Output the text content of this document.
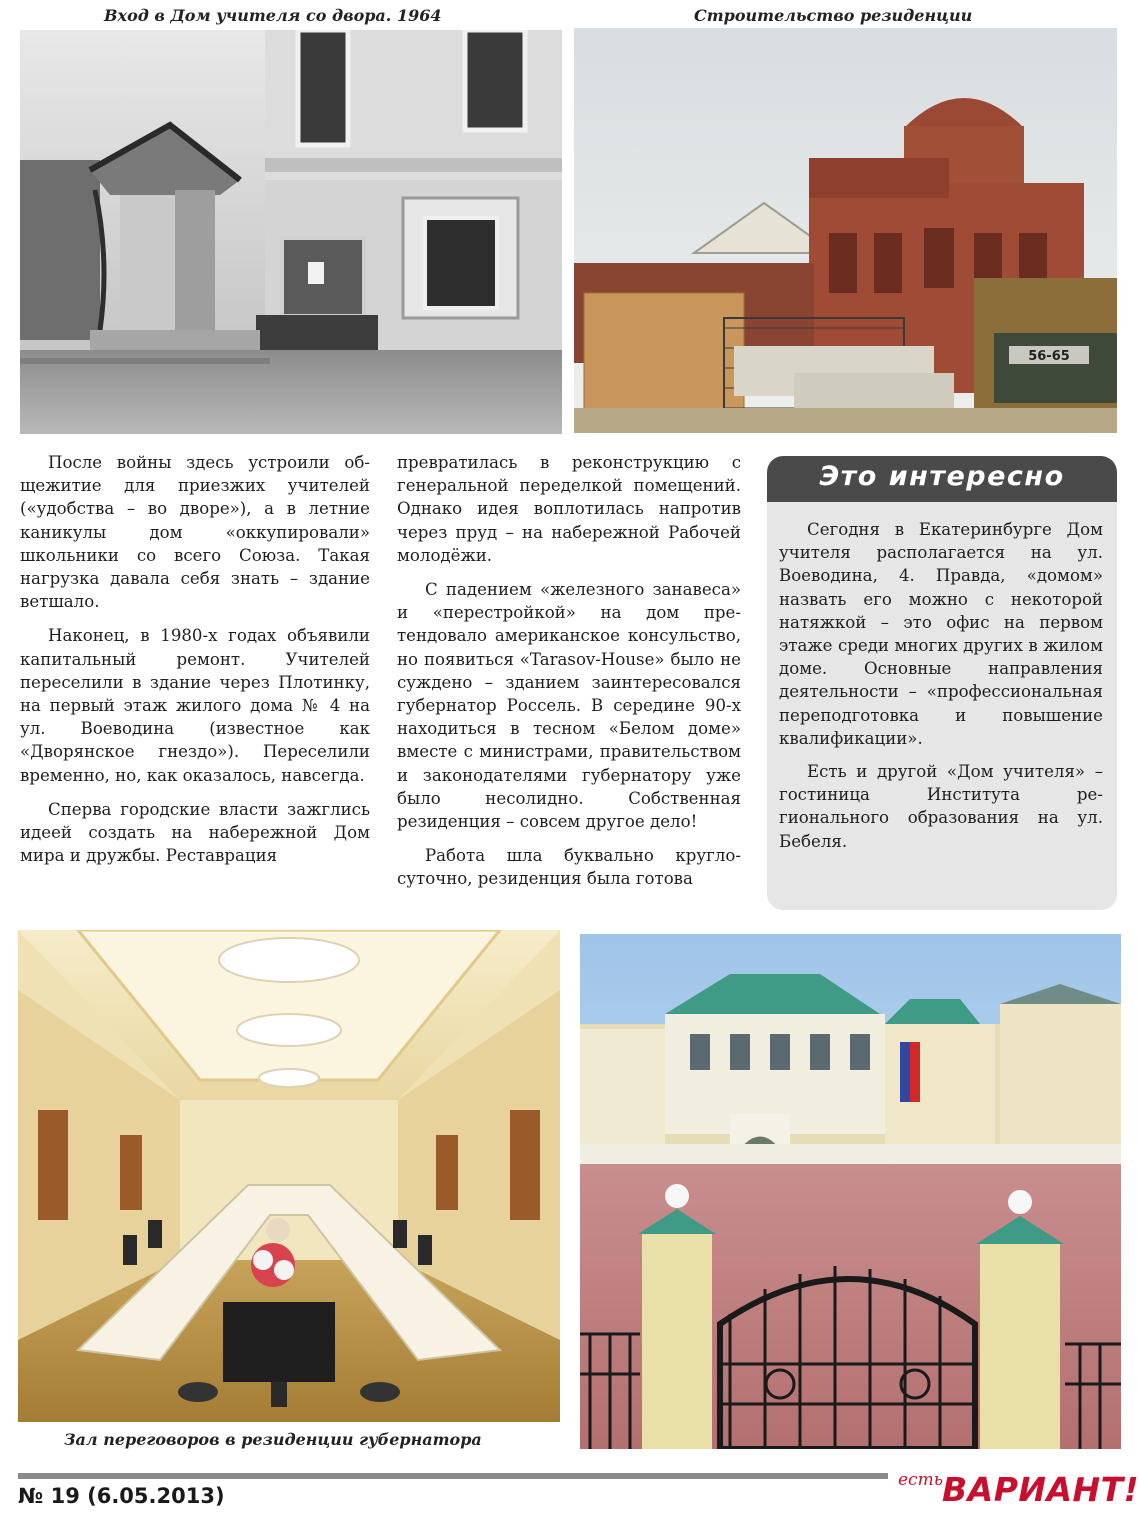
Вход в Дом учителя со двора. 1964	Строительство резиденции
56-65

После войны здесь устроили общежитие для приезжих учителей («удобства – во дворе»), а в летние каникулы дом «оккупировали» школьники со всего Союза. Такая нагрузка давала себя знать – здание ветшало.

Наконец, в 1980-х годах объявили капитальный ремонт. Учителей переселили в здание через Плотинку, на первый этаж жилого дома № 4 на ул. Воеводина (известное как «Дворянское гнездо»). Переселили временно, но, как оказалось, навсегда.

Сперва городские власти зажглись идеей создать на набережной Дом мира и дружбы. Реставрация

превратилась в реконструкцию с генеральной переделкой помещений. Однако идея воплотилась напротив через пруд – на набережной Рабочей молодёжи.

С падением «железного занавеса» и «перестройкой» на дом претендовало американское консульство, но появиться «Tarasov-House» было не суждено – зданием заинтересовался губернатор Россель. В середине 90-х находиться в тесном «Белом доме» вместе с министрами, правительством и законодателями губернатору уже было несолидно. Собственная резиденция – совсем другое дело!

Работа шла буквально круглосуточно, резиденция была готова

Это интересно

Сегодня в Екатеринбурге Дом учителя располагается на ул. Воеводина, 4. Правда, «домом» назвать его можно с некоторой натяжкой – это офис на первом этаже среди многих других в жилом доме. Основные направления деятельности – «профессиональная переподготовка и повышение квалификации».

Есть и другой «Дом учителя» – гостиница Института регионального образования на ул. Бебеля.

Зал переговоров в резиденции губернатора
№ 19 (6.05.2013)
есть ВАРИАНТ!
